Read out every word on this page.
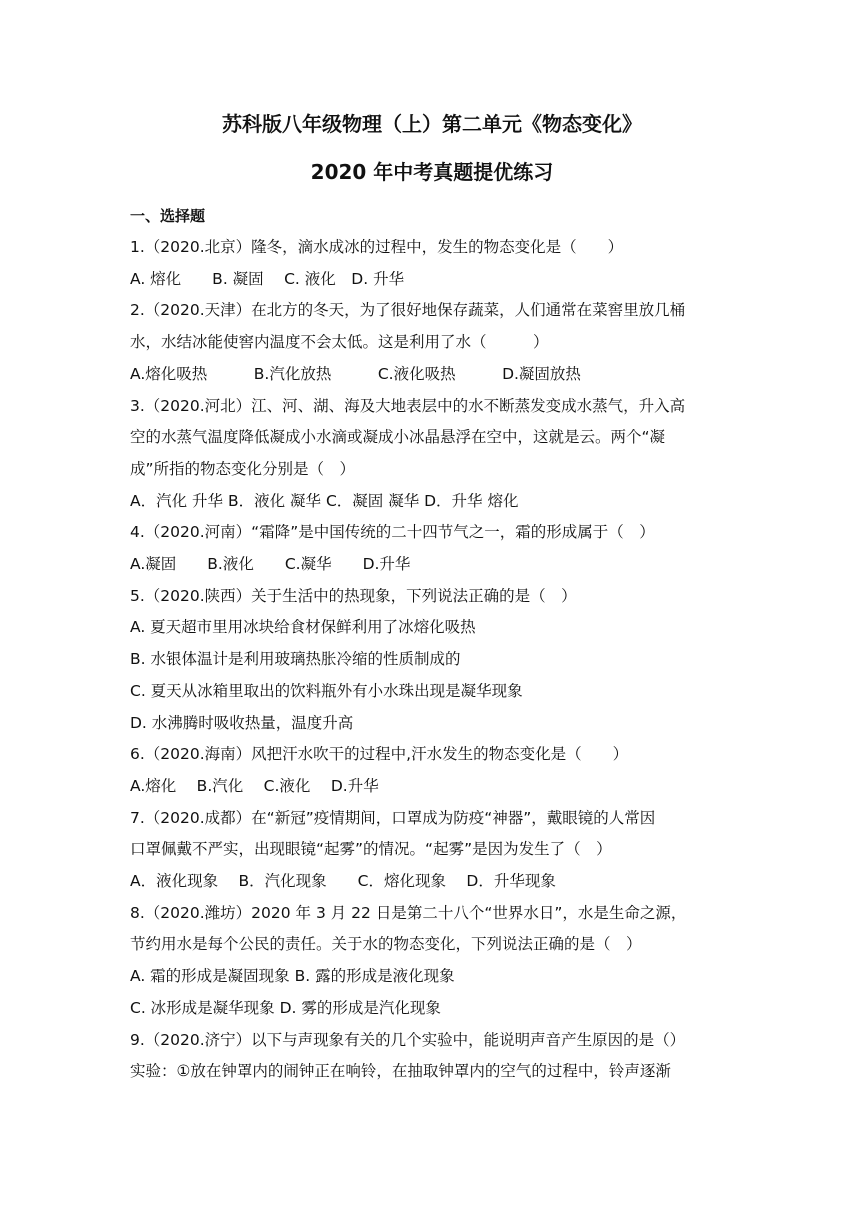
苏科版八年级物理（上）第二单元《物态变化》
2020 年中考真题提优练习

一、选择题

1.（2020.北京）隆冬，滴水成冰的过程中，发生的物态变化是（　　）

A. 熔化　　B. 凝固　 C. 液化　D. 升华

2.（2020.天津）在北方的冬天，为了很好地保存蔬菜，人们通常在菜窖里放几桶

水，水结冰能使窖内温度不会太低。这是利用了水（　　　）

A.熔化吸热　　　B.汽化放热　　　C.液化吸热　　　D.凝固放热

3.（2020.河北）江、河、湖、海及大地表层中的水不断蒸发变成水蒸气，升入高

空的水蒸气温度降低凝成小水滴或凝成小冰晶悬浮在空中，这就是云。两个“凝

成”所指的物态变化分别是（　）

A．汽化 升华 B．液化 凝华 C．凝固 凝华 D．升华 熔化

4.（2020.河南）“霜降”是中国传统的二十四节气之一，霜的形成属于（　）

A.凝固　　B.液化　　C.凝华　　D.升华

5.（2020.陕西）关于生活中的热现象，下列说法正确的是（　）

A. 夏天超市里用冰块给食材保鲜利用了冰熔化吸热

B. 水银体温计是利用玻璃热胀冷缩的性质制成的

C. 夏天从冰箱里取出的饮料瓶外有小水珠出现是凝华现象

D. 水沸腾时吸收热量，温度升高

6.（2020.海南）风把汗水吹干的过程中,汗水发生的物态变化是（　　）

A.熔化　 B.汽化　 C.液化　 D.升华

7.（2020.成都）在“新冠”疫情期间，口罩成为防疫“神器”，戴眼镜的人常因

口罩佩戴不严实，出现眼镜“起雾”的情况。“起雾”是因为发生了（　）

A．液化现象　 B．汽化现象　　C．熔化现象　 D．升华现象

8.（2020.潍坊）2020 年 3 月 22 日是第二十八个“世界水日”，水是生命之源，

节约用水是每个公民的责任。关于水的物态变化，下列说法正确的是（　）

A. 霜的形成是凝固现象 B. 露的形成是液化现象

C. 冰形成是凝华现象 D. 雾的形成是汽化现象

9.（2020.济宁）以下与声现象有关的几个实验中，能说明声音产生原因的是（）

实验：①放在钟罩内的闹钟正在响铃，在抽取钟罩内的空气的过程中，铃声逐渐
